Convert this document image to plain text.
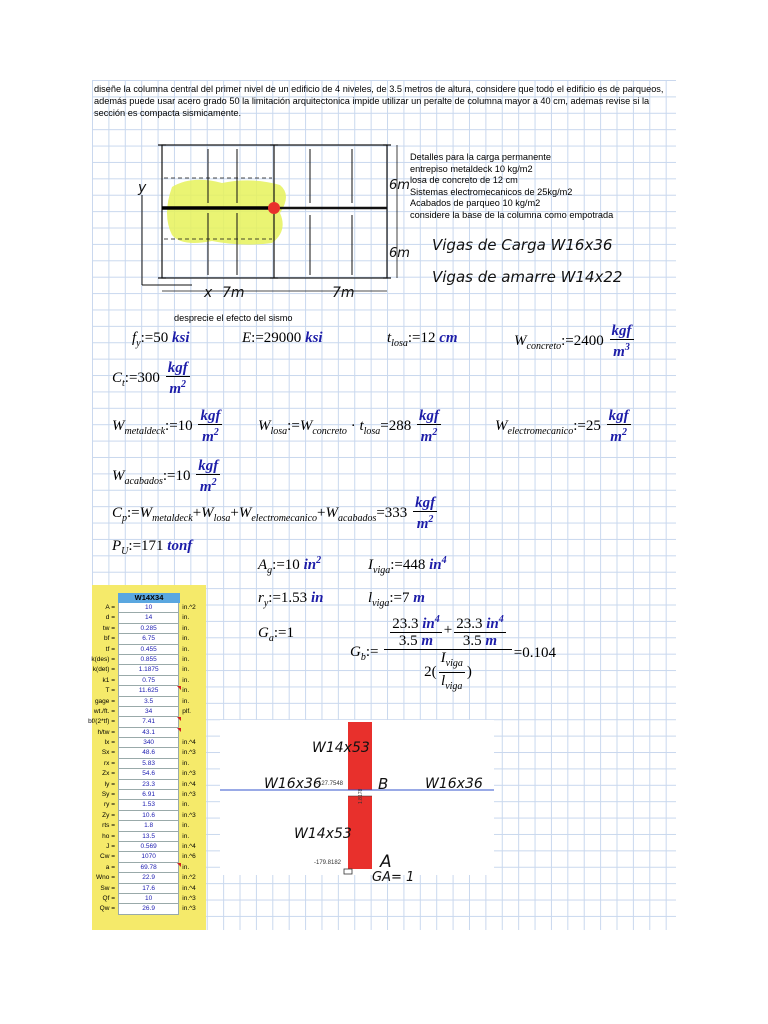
diseñe la columna central del primer nivel de un edificio de 4 niveles, de 3.5 metros de altura, considere que todo el edificio es de parqueos, además puede usar acero grado 50 la limitación arquitectonica impide utilizar un peralte de columna mayor a 40 cm, ademas revise si la sección es compacta sismicamente.
x
y
7m	7m
6m
6m
Detalles para la carga permanente
entrepiso metaldeck 10 kg/m2
losa de concreto de 12 cm
Sistemas electromecanicos de 25kg/m2
Acabados de parqueo 10 kg/m2
considere la base de la columna como empotrada
Vigas de Carga W16x36
Vigas de amarre W14x22
desprecie el efecto del sismo
$f_y:=50$ ksi	E:=29000 ksi	$t_{losa}:=12$ cm	$W_{concreto}:=2400 \frac{\text{kgf}}{m^3}$
$C_t:=300 \frac{\text{kgf}}{m^2}$
$W_{metaldeck}:=10 \frac{\text{kgf}}{m^2}$ $W_{losa}:=W_{concreto} \cdot t_{losa}=288 \frac{\text{kgf}}{m^2}$	$W_{electromecanico}:=25 \frac{\text{kgf}}{m^2}$
$W_{acabados}:=10 \frac{\text{kgf}}{m^2}$
$C_p:=W_{metaldeck}+W_{losa}+W_{electromecanico}+W_{acabados}=333 \frac{\text{kgf}}{m^2}$
$P_U:=171$ tonf
$A_g:=10$ $in^2$	$I_{viga}:=448$ $in^4$
$r_y:=1.53$ in	$l_{viga}:=7$ m
$G_a:=1$
$G_b:= \frac{\frac{23.3 in^4}{3.5 m} + \frac{23.3 in^4}{3.5 m}}{2( \frac{I_{viga}}{l_{viga}} )} =0.104$
W14X34
A =	10	in.^2
d =	14	in.
tw =	0.285	in.
bf =	6.75	in.
tf =	0.455	in.
k(des) =	0.855	in.
k(det) =	1.1875	in.
k1 =	0.75	in.
T =	11.625	in.
gage =	3.5	in.
wt./ft. =	34	plf.
bf/(2*tf) =	7.41
h/tw =	43.1
Ix =	340	in.^4
Sx =	48.6	in.^3
rx =	5.83	in.
Zx =	54.6	in.^3
Iy =	23.3	in.^4
Sy =	6.91	in.^3
ry =	1.53	in.
Zy =	10.6	in.^3
rts =	1.8	in.
ho =	13.5	in.
J =	0.569	in.^4
Cw =	1070	in.^6
a =	69.78	in.
Wno =	22.9	in.^2
Sw =	17.6	in.^4
Qf =	10	in.^3
Qw =	26.9	in.^3
W14x53
W14x53
W16x36	W16x36
B
A
GA= 1
-127.7548
-179.8182
1.8178
